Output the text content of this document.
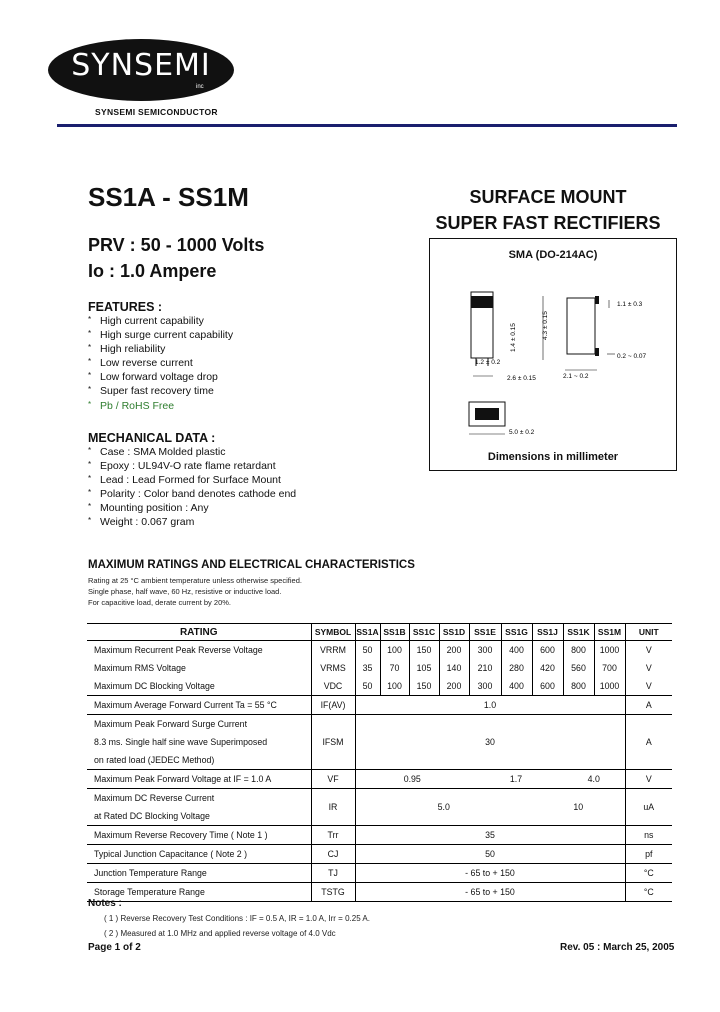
SYNSEMI
inc
SYNSEMI SEMICONDUCTOR
SS1A - SS1M
PRV : 50 - 1000 Volts
Io : 1.0 Ampere
SURFACE MOUNT
SUPER FAST RECTIFIERS
SMA (DO-214AC)
1.1 ± 0.3
0.2 ~ 0.07
1.2 ± 0.2
2.6 ± 0.15	2.1 ~ 0.2
5.0 ± 0.2
4.3 ± 0.15
1.4 ± 0.15
Dimensions in millimeter
FEATURES :
* High current capability
* High surge current capability
* High reliability
* Low reverse current
* Low forward voltage drop
* Super fast recovery time
* Pb / RoHS Free
MECHANICAL DATA :
* Case : SMA Molded plastic
* Epoxy : UL94V-O rate flame retardant
* Lead : Lead Formed for Surface Mount
* Polarity : Color band denotes cathode end
* Mounting position : Any
* Weight : 0.067 gram
MAXIMUM RATINGS AND ELECTRICAL CHARACTERISTICS
Rating at 25 °C ambient temperature unless otherwise specified.
Single phase, half wave, 60 Hz, resistive or inductive load.
For capacitive load, derate current by 20%.
RATING	SYMBOL	SS1A	SS1B	SS1C	SS1D	SS1E	SS1G	SS1J	SS1K	SS1M	UNIT
Maximum Recurrent Peak Reverse Voltage	VRRM	50	100	150	200	300	400	600	800	1000	V
Maximum RMS Voltage	VRMS	35	70	105	140	210	280	420	560	700	V
Maximum DC Blocking Voltage	VDC	50	100	150	200	300	400	600	800	1000	V
Maximum Average Forward Current Ta = 55 °C	IF(AV)	1.0									A
Maximum Peak Forward Surge Current	IFSM	30									A
8.3 ms. Single half sine wave Superimposed											
on rated load (JEDEC Method)											
Maximum Peak Forward Voltage at IF = 1.0 A	VF	0.95				1.7			4.0		V
Maximum DC Reverse Current	IR	5.0						10			uA
at Rated DC Blocking Voltage											
Maximum Reverse Recovery Time ( Note 1 )	Trr	35									ns
Typical Junction Capacitance ( Note 2 )	CJ	50									pf
Junction Temperature Range	TJ	- 65 to + 150									°C
Storage Temperature Range	TSTG	- 65 to + 150									°C
Notes :
( 1 ) Reverse Recovery Test Conditions : IF = 0.5 A, IR = 1.0 A, Irr = 0.25 A.
( 2 ) Measured at 1.0 MHz and applied reverse voltage of 4.0 Vdc
Page 1 of 2	Rev. 05 : March 25, 2005
